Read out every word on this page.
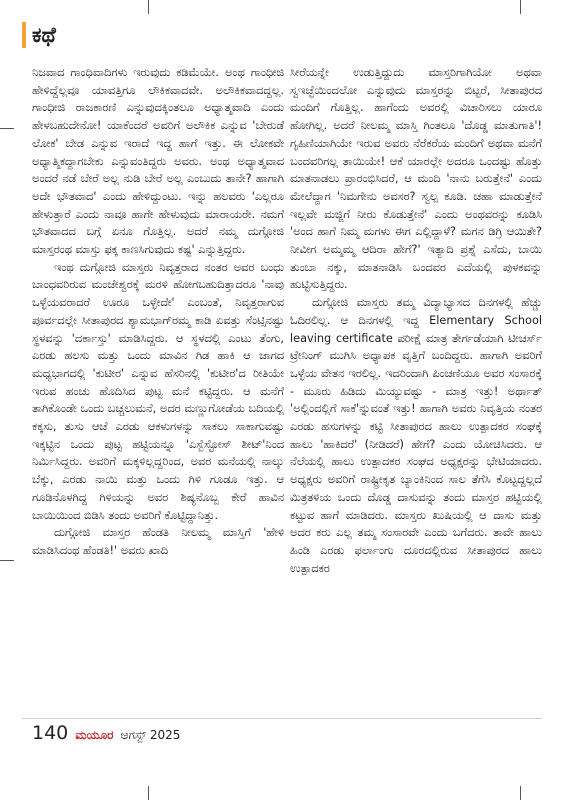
ಕಥೆ

ನಿಜವಾದ ಗಾಂಧಿವಾದಿಗಳು ಇರುವುದು ಕಡಿಮೆಯೇ. ಅಂಥ ಗಾಂಧೀಜಿ ಹೇಳಿದ್ದೆಲ್ಲವೂ ಯಾವತ್ತಿಗೂ ಲೌಕಿಕವಾದವೇ. ಅಲೌಕಿಕವಾದದ್ದಲ್ಲ. ಗಾಂಧೀಜಿ ರಾಜಕಾರಣಿ ಎನ್ನುವುದಕ್ಕಿಂತಲೂ ಅಧ್ಯಾತ್ಮವಾದಿ ಎಂದು ಹೇಳಬಹುದೇನೋ! ಯಾಕೆಂದರೆ ಅವರಿಗೆ ಅಲೌಕಿಕ ಎನ್ನುವ 'ಬೇರುಡೆ ಲೋಕ' ಬೇಡ ಎನ್ನುವ ಇರಾದೆ ಇದ್ದ ಹಾಗೆ ಇತ್ತು. ಈ ಲೋಕವೇ ಅಧ್ಯಾತ್ಮಿಕದ್ದಾಗಬೇಕು ಎನ್ನುವಂತಿದ್ದರು ಅವರು. ಅಂಥ ಅಧ್ಯಾತ್ಮವಾದ ಅಂದರೆ ನಡೆ ಬೇರೆ ಅಲ್ಲ ನುಡಿ ಬೇರೆ ಅಲ್ಲ ಎಂಬುದು ತಾನೇ? ಹಾಗಾಗಿ ಅದೇ ಭೌತವಾದ' ಎಂದು ಹೇಳಿದ್ದುಂಟು. ಇನ್ನು ಹಲವರು 'ಎಲ್ಲರೂ ಹೇಳುತ್ತಾರೆ ಎಂದು ನಾವೂ ಹಾಗೇ ಹೇಳುವುದು ಮಾರಾಯರೇ. ನಮಗೆ ಭೌತವಾದದ ಬಗ್ಗೆ ಏನೂ ಗೊತ್ತಿಲ್ಲ. ಅದರೆ ನಮ್ಮ ದುಗ್ಗೋಜಿ ಮಾಸ್ತರಂಥ ಮಾಸ್ತು ಫಕ್ಕ ಕಾಣಸಿಗುವುದು ಕಷ್ಟ' ಎನ್ನುತ್ತಿದ್ದರು.

ಇಂಥ ದುಗ್ಗೋಜಿ ಮಾಸ್ತರು ನಿವೃತ್ತರಾದ ನಂತರ ಅವರ ಬಂಧು ಬಾಂಧವರಿರುವ ಮಂಜೇಶ್ವರಕ್ಕೆ ಮರಳಿ ಹೋಗಬಹುದಿತ್ತಾದರೂ 'ನಾವು ಒಳ್ಳೆಯವರಾದರೆ ಊರೂ ಒಳ್ಳೇದೇ' ಎಂಬಂತೆ, ನಿವೃತ್ತರಾಗುವ ಪೂರ್ವದಲ್ಲೇ ಸೀತಾಪುರದ ಶ್ಯಾಮಭಾಗ್‌ರಮ್ಮ ಕಾಡಿ ಏವತ್ತು ಸೆಂಟ್ಸಿನಷ್ಟು ಸ್ಥಳವನ್ನು 'ದರ್ಕಾಸ್ತು' ಮಾಡಿಸಿದ್ದರು. ಆ ಸ್ಥಳದಲ್ಲಿ ಎಂಟು ತೆಂಗು, ಎರಡು ಹಲಸು ಮತ್ತು ಒಂದು ಮಾವಿನ ಗಿಡ ಹಾಕಿ ಆ ಜಾಗದ ಮಧ್ಯಭಾಗದಲ್ಲಿ 'ಕುಟೀರ' ಎನ್ನುವ ಹೆಸರಿನಲ್ಲಿ 'ಕುಟೀರ'ದ ರೀತಿಯೇ ಇರುವ ಹಂಚು ಹೊದಿಸಿದ ಪುಟ್ಟ ಮನೆ ಕಟ್ಟಿದ್ದರು. ಆ ಮನೆಗೆ ತಾಗಿಕೊಂಡೇ ಒಂದು ಬಚ್ಚಲುಮನೆ, ಅದರ ಮಣ್ಣುಗೋಡೆಯ ಬದಿಯಲ್ಲಿ ಕಕ್ಕಸು, ತುಸು ಆಚೆ ಎರಡು ಆಕಳುಗಳನ್ನು ಸಾಕಲು ಸಾಕಾಗುವಷ್ಟು ಇಕ್ಕಟ್ಟಿನ ಒಂದು ಪುಟ್ಟ ಹಟ್ಟಿಯನ್ನೂ 'ಎಸ್ಬೆಸ್ಟೋಸ್ ಶೀಟ್'ನಿಂದ ನಿರ್ಮಿಸಿದ್ದರು. ಅವರಿಗೆ ಮಕ್ಕಳಿಲ್ಲದ್ದರಿಂದ, ಅವರ ಮನೆಯಲ್ಲಿ ನಾಲ್ಕು ಬೆಕ್ಕು, ಎರಡು ನಾಯಿ ಮತ್ತು ಒಂದು ಗಿಳಿ ಗೂಡೂ ಇತ್ತು. ಆ ಗೂಡಿನೊಳಗಿದ್ದ ಗಿಳಿಯನ್ನು ಅವರ ಶಿಷ್ಯನೊಬ್ಬ ಕೇರೆ ಹಾವಿನ ಬಾಯಿಯಿಂದ ಬಿಡಿಸಿ ತಂದು ಅವರಿಗೆ ಕೊಟ್ಟಿದ್ದಾನಿತ್ತು.

ದುಗ್ಗೋಜಿ ಮಾಸ್ತರ ಹೆಂಡತಿ ನೀಲಮ್ಮ ಮಾಸ್ತಿಗೆ 'ಹೇಳಿ ಮಾಡಿಸಿದಂಥ ಹೆಂಡತಿ!' ಅವರು ಖಾದಿ

ಸೀರೆಯನ್ನೇ ಉಡುತ್ತಿದ್ದುದು ಮಾಸ್ತರಿಗಾಗಿಯೋ ಅಥವಾ ಸ್ವಇಚ್ಛೆಯಿಂದಲೋ ಎನ್ನುವುದು ಮಾಸ್ತರನ್ನು ಬಿಟ್ಟರೆ, ಸೀತಾಪುರದ ಮಂದಿಗೆ ಗೊತ್ತಿಲ್ಲ. ಹಾಗೆಂದು ಅವರಲ್ಲಿ ವಿಚಾರಿಸಲು ಯಾರೂ ಹೋಗಿಲ್ಲ. ಅದರೆ ನೀಲಮ್ಮ ಮಾಸ್ತಿ ಗಿಂತಲೂ 'ದೊಡ್ಡ ಮಾತುಗಾತಿ'! ಗೃಹಿಣಿಯಾಗಿಯೇ ಇರುವ ಅವರು ನೆರೆಕರೆಯ ಮಂದಿಗೆ ಅಥವಾ ಮನೆಗೆ ಬಂದವರಿಗಲ್ಲ ತಾಯಿಯೇ! ಆಕೆ ಯಾರಲ್ಲೇ ಅದರೂ ಒಂದಷ್ಟು ಹೊತ್ತು ಮಾತನಾಡಲು ಪ್ರಾರಂಭಿಸಿದರೆ, ಆ ಮಂದಿ 'ನಾನು ಬರುತ್ತೇನೆ' ಎಂದು ಮೇಲೆದ್ದಾಗ 'ನಿಮಗೇನು ಅವಸರ? ಸ್ವಲ್ಪ ಕೂಡಿ. ಚಹಾ ಮಾಡುತ್ತೇನೆ ಇಲ್ಲವೇ ಮಜ್ಜಿಗೆ ನೀರು ಕೊಡುತ್ತೇನೆ' ಎಂದು ಅಂಥವರನ್ನು ಕೂಡಿಸಿ 'ಅಂದ ಹಾಗೆ ನಿಮ್ಮ ಮಗಳು ಈಗ ಎಲ್ಲಿದ್ದಾಳೆ? ಮಗನ ಡಿಗ್ರಿ ಆಯಿತೇ? ನೀವೀಗ ಅಮ್ಮಮ್ಮ ಆದಿರಾ ಹೇಗೆ?' ಇತ್ಯಾದಿ ಪ್ರಶ್ನೆ ಎಸೆದು, ಬಾಯಿ ತುಂಬಾ ನಕ್ಕು, ಮಾತನಾಡಿಸಿ ಬಂದವರ ಎದೆಯಲ್ಲಿ ಪುಳಕವನ್ನು ಹುಟ್ಟಿಸುತ್ತಿದ್ದರು.

ದುಗ್ಗೋಜಿ ಮಾಸ್ತರು ತಮ್ಮ ವಿದ್ಯಾಭ್ಯಾಸದ ದಿನಗಳಲ್ಲಿ ಹೆಚ್ಚು ಓದಿರಲಿಲ್ಲ. ಆ ದಿನಗಳಲ್ಲಿ ಇದ್ದ Elementary School leaving certificate ಪರೀಕ್ಷೆ ಮಾತ್ರ ತೇರ್ಗಡೆಯಾಗಿ ಟೀಚರ್ಸ್ ಟ್ರೇನಿಂಗ್ ಮುಗಿಸಿ ಅಧ್ಯಾಪಕ ವೃತ್ತಿಗೆ ಬಂದಿದ್ದರು. ಹಾಗಾಗಿ ಅವರಿಗೆ ಒಳ್ಳೆಯ ವೇತನ ಇರಲಿಲ್ಲ. ಇದರಿಂದಾಗಿ ಪಿಂಚಣಿಯೂ ಅವರ ಸಂಸಾರಕ್ಕೆ - ಮೂರು ಹಿಡಿದು ಮಿಯ್ಯುವಷ್ಟು - ಮಾತ್ರ ಇತ್ತು! ಅರ್ಥಾತ್ 'ಅಲ್ಲಿಂದಲ್ಲಿಗೆ ಸಾಕೆ'ನ್ನುವಂತೆ ಇತ್ತು! ಹಾಗಾಗಿ ಅವರು ನಿವೃತ್ತಿಯ ನಂತರ ಎರಡು ಹಸುಗಳನ್ನು ಕಟ್ಟಿ ಸೀತಾಪುರದ ಹಾಲು ಉತ್ಪಾದಕರ ಸಂಘಕ್ಕೆ ಹಾಲು 'ಹಾಕಿದರೆ' (ನೀಡಿದರೆ) ಹೇಗೆ? ಎಂದು ಯೋಚಿಸಿದರು. ಆ ನೆಲೆಯಲ್ಲಿ ಹಾಲು ಉತ್ಪಾದಕರ ಸಂಘದ ಅಧ್ಯಕ್ಷರನ್ನು ಭೇಟಿಯಾದರು. ಅಧ್ಯಕ್ಷರು ಅವರಿಗೆ ರಾಷ್ಟ್ರೀಕೃತ ಬ್ಯಾಂಕಿನಿಂದ ಸಾಲ ತೆಗೆಸಿ ಕೊಟ್ಟದ್ದಲ್ಲದೆ ಮಿತ್ರತಳಿಯ ಒಂದು ದೊಡ್ಡ ದಾಸುವನ್ನು ತಂದು ಮಾಸ್ತರ ಹಟ್ಟಿಯಲ್ಲಿ ಕಟ್ಟುವ ಹಾಗೆ ಮಾಡಿದರು. ಮಾಸ್ತರು ಖುಷಿಯಲ್ಲಿ ಆ ದಾಸು ಮತ್ತು ಅದರ ಕರು ಎಲ್ಲ ತಮ್ಮ ಸಂಸಾರವೇ ಎಂದು ಬಗೆದರು. ತಾವೇ ಹಾಲು ಹಿಂಡಿ ಎರಡು ಫರ್ಲಾಂಗು ದೂರದಲ್ಲಿರುವ ಸೀತಾಪುರದ ಹಾಲು ಉತ್ಪಾದಕರ

140 ಮಯೂರ ಆಗಸ್ಟ್ 2025
